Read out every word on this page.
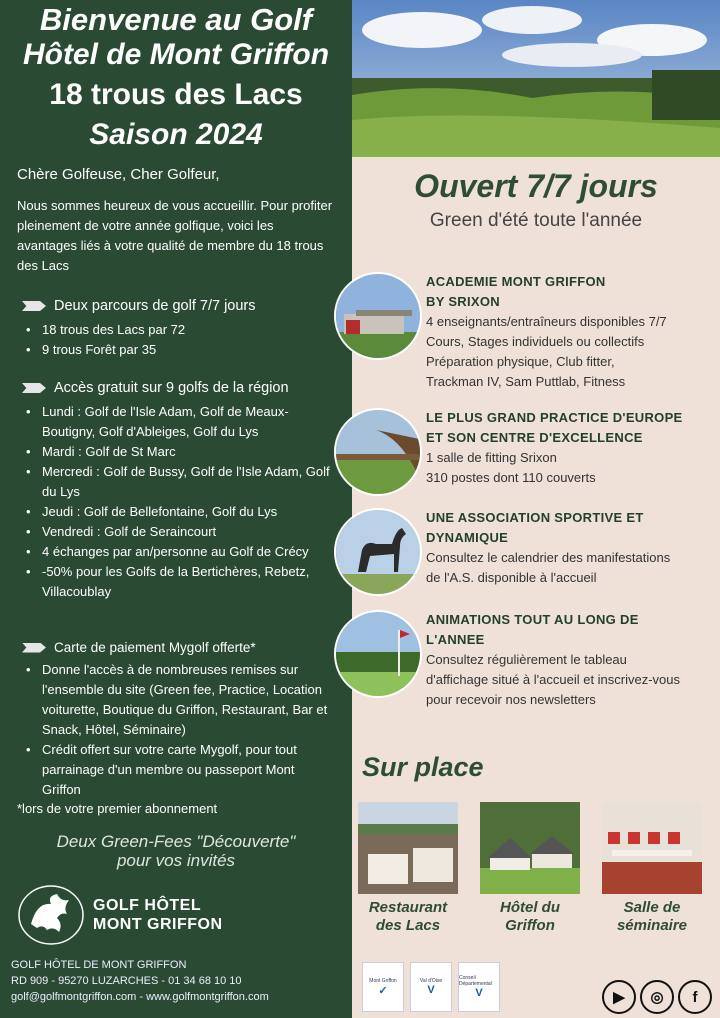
Bienvenue au Golf
Hôtel de Mont Griffon
18 trous des Lacs
Saison 2024
Chère Golfeuse, Cher Golfeur,
Nous sommes heureux de vous accueillir. Pour profiter pleinement de votre année golfique, voici les avantages liés à votre qualité de membre du 18 trous des Lacs
Deux parcours de golf 7/7 jours
• 18 trous des Lacs par 72
• 9 trous Forêt par 35
Accès gratuit sur 9 golfs de la région
• Lundi : Golf de l'Isle Adam, Golf de Meaux-Boutigny, Golf d'Ableiges, Golf du Lys
• Mardi : Golf de St Marc
• Mercredi : Golf de Bussy, Golf de l'Isle Adam, Golf du Lys
• Jeudi : Golf de Bellefontaine, Golf du Lys
• Vendredi : Golf de Seraincourt
• 4 échanges par an/personne au Golf de Crécy
• -50% pour les Golfs de la Bertichères, Rebetz, Villacoublay
Carte de paiement Mygolf offerte*
• Donne l'accès à de nombreuses remises sur l'ensemble du site (Green fee, Practice, Location voiturette, Boutique du Griffon, Restaurant, Bar et Snack, Hôtel, Séminaire)
• Crédit offert sur votre carte Mygolf, pour tout parrainage d'un membre ou passeport Mont Griffon
*lors de votre premier abonnement
Deux Green-Fees "Découverte"
pour vos invités
GOLF HÔTEL
MONT GRIFFON
GOLF HÔTEL DE MONT GRIFFON
RD 909 - 95270 LUZARCHES - 01 34 68 10 10
golf@golfmontgriffon.com - www.golfmontgriffon.com
Ouvert 7/7 jours
Green d'été toute l'année
ACADEMIE MONT GRIFFON
BY SRIXON
4 enseignants/entraîneurs disponibles 7/7
Cours, Stages individuels ou collectifs
Préparation physique, Club fitter,
Trackman IV, Sam Puttlab, Fitness
LE PLUS GRAND PRACTICE D'EUROPE
ET SON CENTRE D'EXCELLENCE
1 salle de fitting Srixon
310 postes dont 110 couverts
UNE ASSOCIATION SPORTIVE ET
DYNAMIQUE
Consultez le calendrier des manifestations
de l'A.S. disponible à l'accueil
ANIMATIONS TOUT AU LONG DE
L'ANNEE
Consultez régulièrement le tableau
d'affichage situé à l'accueil et inscrivez-vous
pour recevoir nos newsletters
Sur place
Restaurant
des Lacs
Hôtel du
Griffon
Salle de
séminaire
Mont Griffon
✓
Val d'Oise
V
Conseil Départemental
V	▶	◎	f
